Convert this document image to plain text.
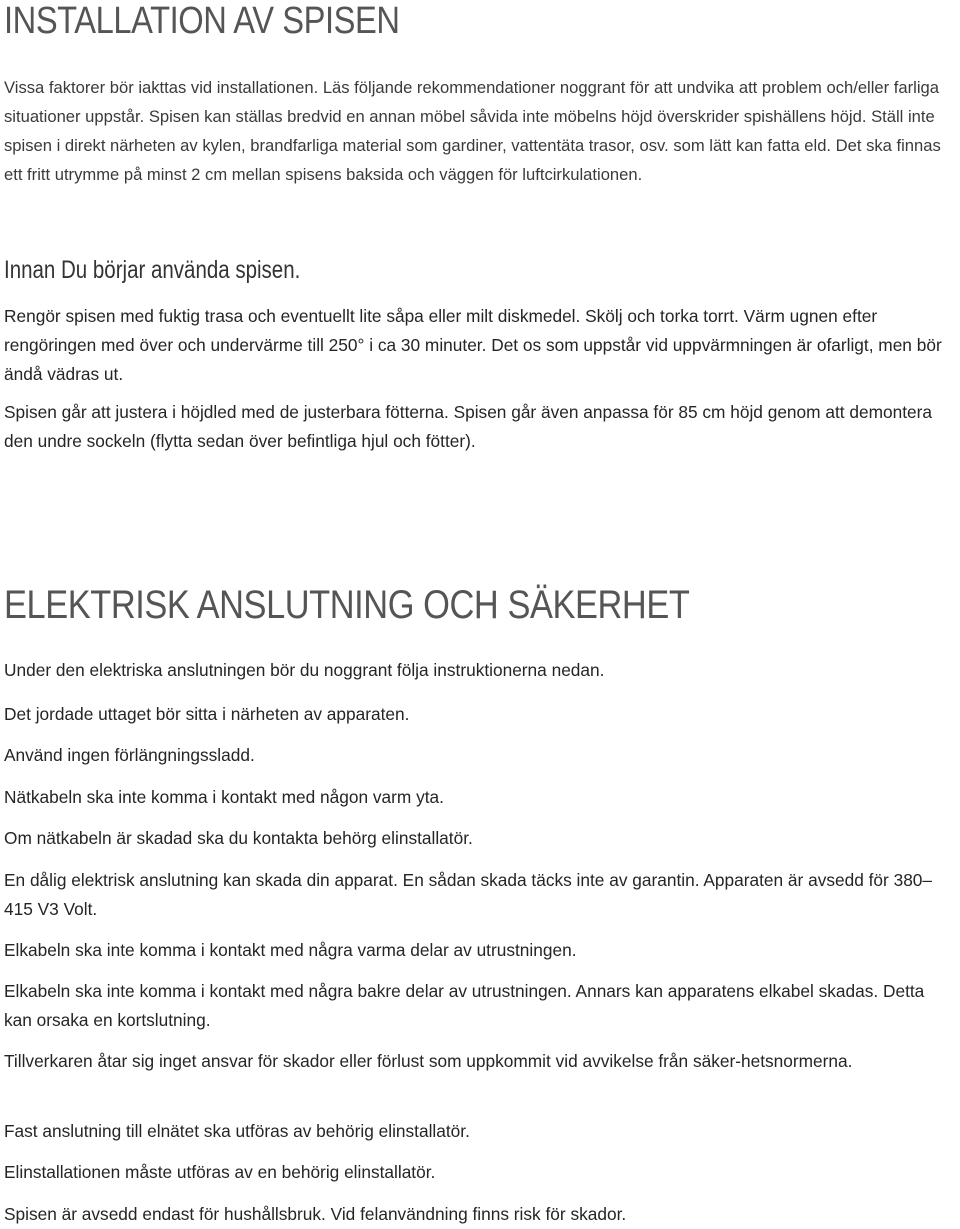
INSTALLATION AV SPISEN

Vissa faktorer bör iakttas vid installationen. Läs följande rekommendationer noggrant för att undvika att problem och/eller farliga situationer uppstår. Spisen kan ställas bredvid en annan möbel såvida inte möbelns höjd överskrider spishällens höjd. Ställ inte spisen i direkt närheten av kylen, brandfarliga material som gardiner, vattentäta trasor, osv. som lätt kan fatta eld. Det ska finnas ett fritt utrymme på minst 2 cm mellan spisens baksida och väggen för luftcirkulationen.

Innan Du börjar använda spisen.

Rengör spisen med fuktig trasa och eventuellt lite såpa eller milt diskmedel. Skölj och torka torrt. Värm ugnen efter rengöringen med över och undervärme till 250° i ca 30 minuter. Det os som uppstår vid uppvärmningen är ofarligt, men bör ändå vädras ut.

Spisen går att justera i höjdled med de justerbara fötterna. Spisen går även anpassa för 85 cm höjd genom att demontera den undre sockeln (flytta sedan över befintliga hjul och fötter).

ELEKTRISK ANSLUTNING OCH SÄKERHET

Under den elektriska anslutningen bör du noggrant följa instruktionerna nedan.

Det jordade uttaget bör sitta i närheten av apparaten.

Använd ingen förlängningssladd.

Nätkabeln ska inte komma i kontakt med någon varm yta.

Om nätkabeln är skadad ska du kontakta behörg elinstallatör.

En dålig elektrisk anslutning kan skada din apparat. En sådan skada täcks inte av garantin. Apparaten är avsedd för 380–415 V3 Volt.

Elkabeln ska inte komma i kontakt med några varma delar av utrustningen.

Elkabeln ska inte komma i kontakt med några bakre delar av utrustningen. Annars kan apparatens elkabel skadas. Detta kan orsaka en kortslutning.

Tillverkaren åtar sig inget ansvar för skador eller förlust som uppkommit vid avvikelse från säker-hetsnormerna.

Fast anslutning till elnätet ska utföras av behörig elinstallatör.

Elinstallationen måste utföras av en behörig elinstallatör.

Spisen är avsedd endast för hushållsbruk. Vid felanvändning finns risk för skador.
